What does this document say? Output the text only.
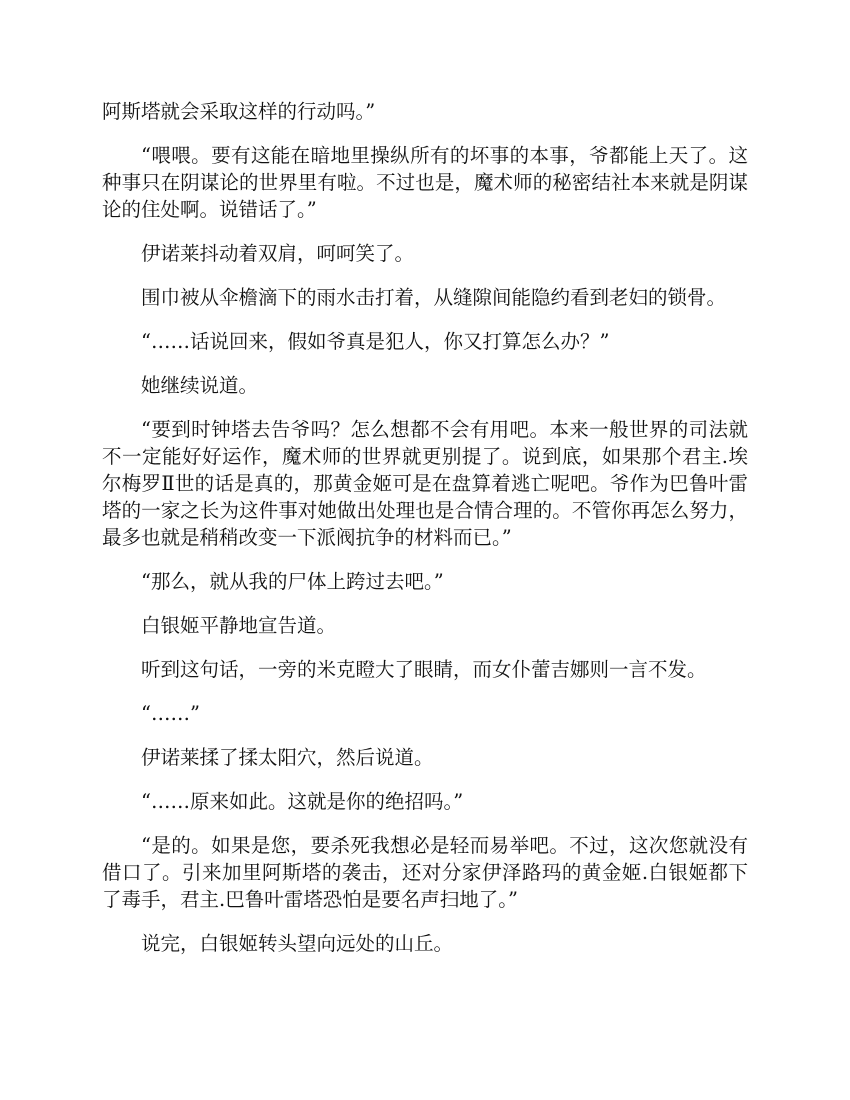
阿斯塔就会采取这样的行动吗。”

“喂喂。要有这能在暗地里操纵所有的坏事的本事，爷都能上天了。这种事只在阴谋论的世界里有啦。不过也是，魔术师的秘密结社本来就是阴谋论的住处啊。说错话了。”

伊诺莱抖动着双肩，呵呵笑了。

围巾被从伞檐滴下的雨水击打着，从缝隙间能隐约看到老妇的锁骨。

“……话说回来，假如爷真是犯人，你又打算怎么办？”

她继续说道。

“要到时钟塔去告爷吗？怎么想都不会有用吧。本来一般世界的司法就不一定能好好运作，魔术师的世界就更别提了。说到底，如果那个君主.埃尔梅罗Ⅱ世的话是真的，那黄金姬可是在盘算着逃亡呢吧。爷作为巴鲁叶雷塔的一家之长为这件事对她做出处理也是合情合理的。不管你再怎么努力，最多也就是稍稍改变一下派阀抗争的材料而已。”

“那么，就从我的尸体上跨过去吧。”

白银姬平静地宣告道。

听到这句话，一旁的米克瞪大了眼睛，而女仆蕾吉娜则一言不发。

“……”

伊诺莱揉了揉太阳穴，然后说道。

“……原来如此。这就是你的绝招吗。”

“是的。如果是您，要杀死我想必是轻而易举吧。不过，这次您就没有借口了。引来加里阿斯塔的袭击，还对分家伊泽路玛的黄金姬.白银姬都下了毒手，君主.巴鲁叶雷塔恐怕是要名声扫地了。”

说完，白银姬转头望向远处的山丘。
